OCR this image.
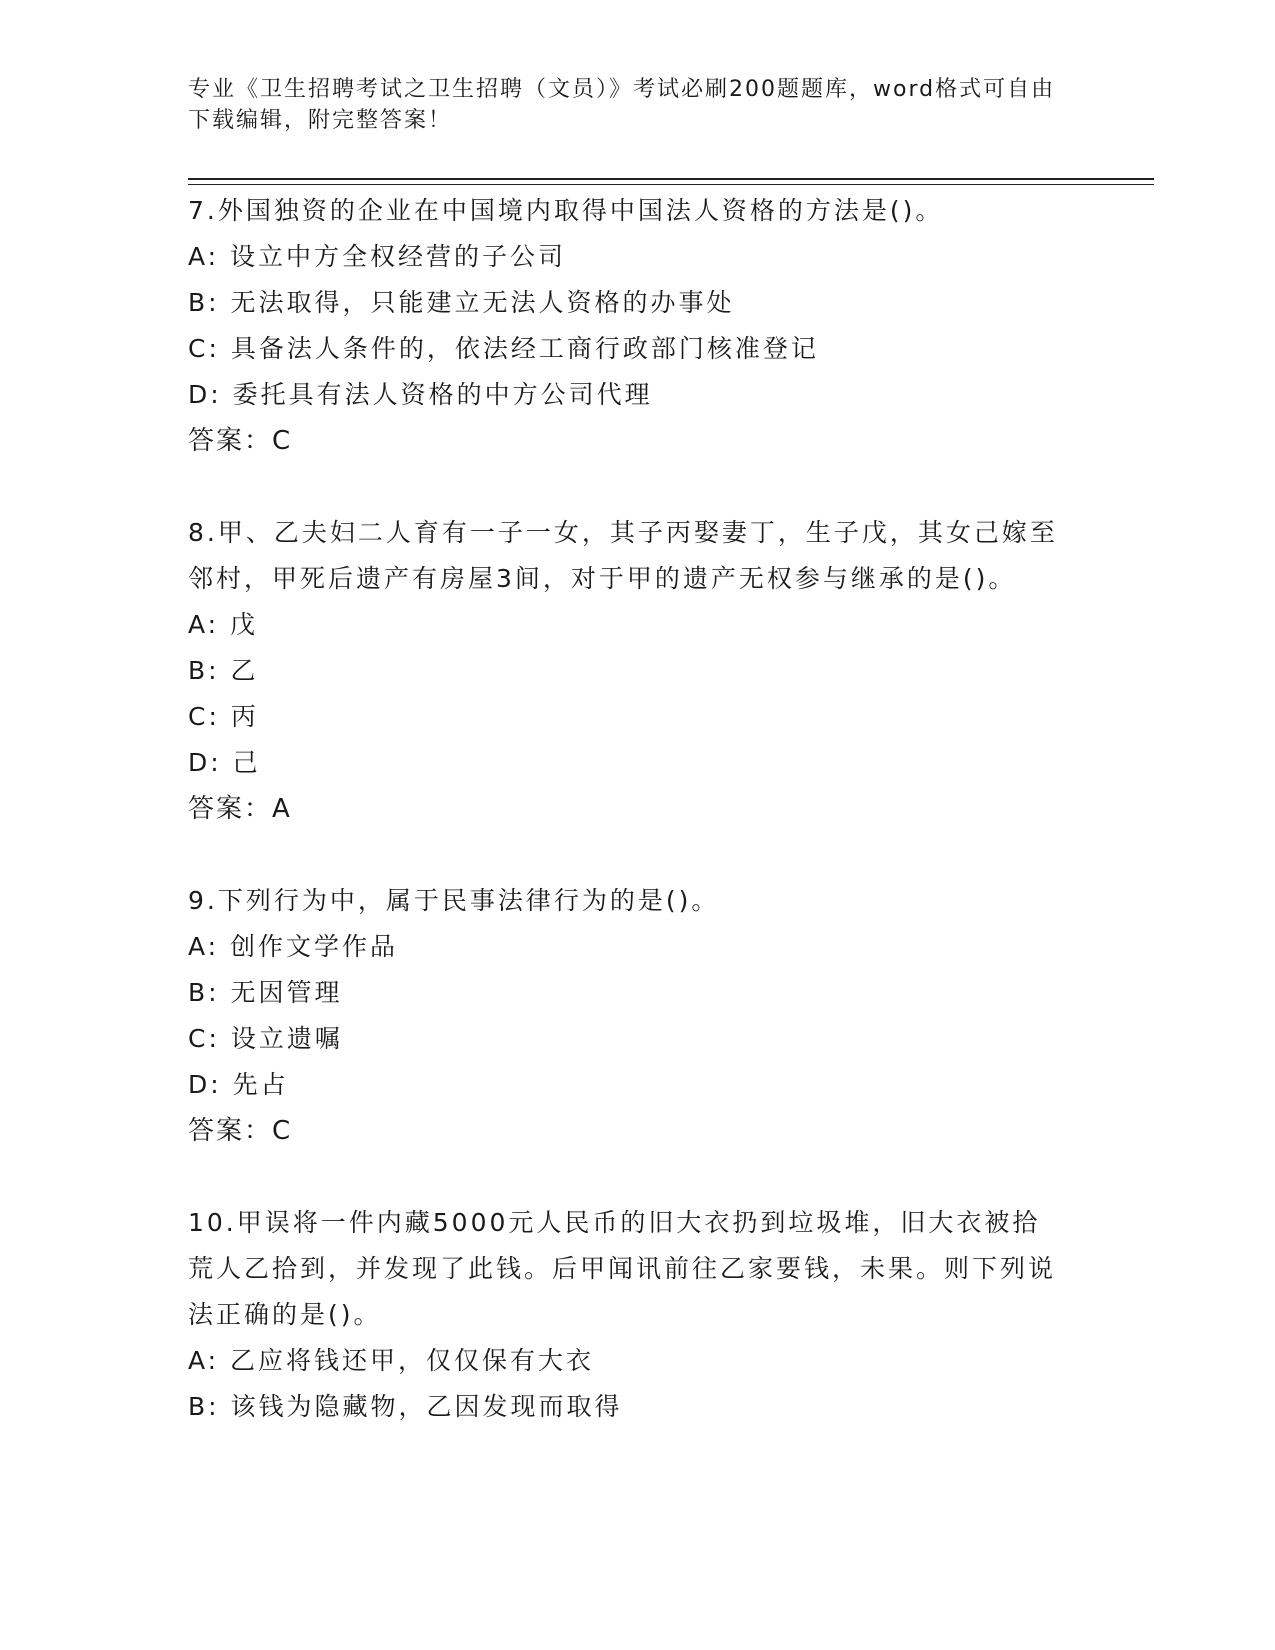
专业《卫生招聘考试之卫生招聘（文员）》考试必刷200题题库，word格式可自由下载编辑，附完整答案！

7.外国独资的企业在中国境内取得中国法人资格的方法是()。

A: 设立中方全权经营的子公司

B: 无法取得，只能建立无法人资格的办事处

C: 具备法人条件的，依法经工商行政部门核准登记

D: 委托具有法人资格的中方公司代理

答案：C

8.甲、乙夫妇二人育有一子一女，其子丙娶妻丁，生子戊，其女己嫁至邻村，甲死后遗产有房屋3间，对于甲的遗产无权参与继承的是()。

A: 戊

B: 乙

C: 丙

D: 己

答案：A

9.下列行为中，属于民事法律行为的是()。

A: 创作文学作品

B: 无因管理

C: 设立遗嘱

D: 先占

答案：C

10.甲误将一件内藏5000元人民币的旧大衣扔到垃圾堆，旧大衣被拾荒人乙拾到，并发现了此钱。后甲闻讯前往乙家要钱，未果。则下列说法正确的是()。

A: 乙应将钱还甲，仅仅保有大衣

B: 该钱为隐藏物，乙因发现而取得
